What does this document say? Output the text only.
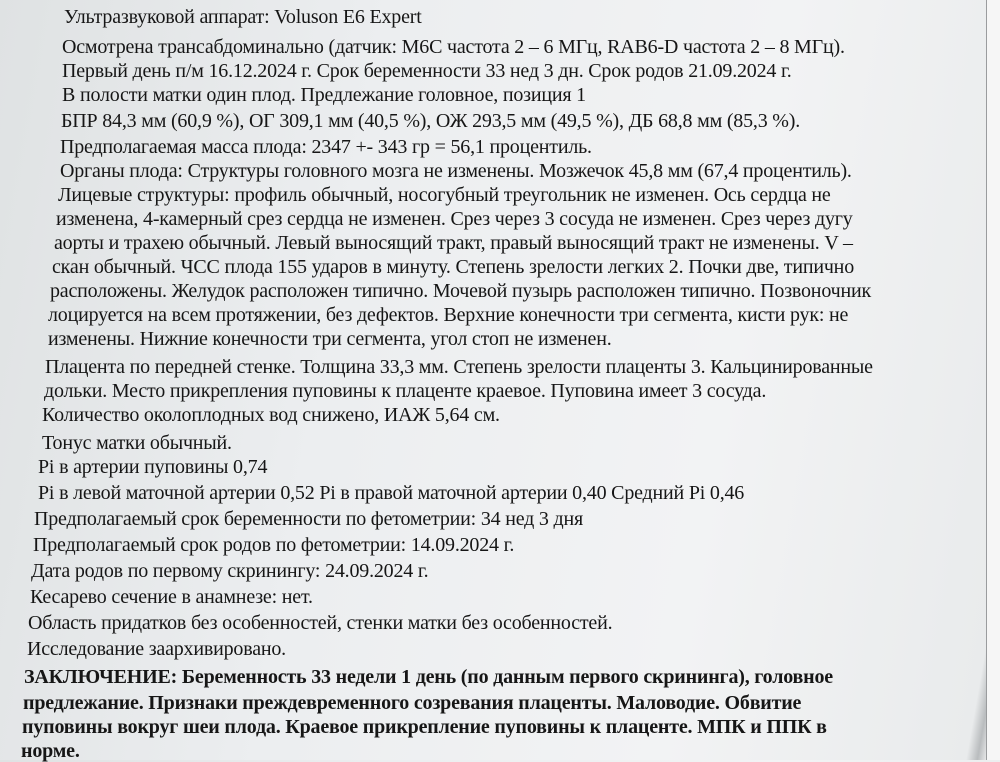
Ультразвуковой аппарат: Voluson E6 Expert
Осмотрена трансабдоминально (датчик: M6C частота 2 – 6 МГц, RAB6-D частота 2 – 8 МГц).
Первый день п/м 16.12.2024 г. Срок беременности 33 нед 3 дн. Срок родов 21.09.2024 г.
В полости матки один плод. Предлежание головное, позиция 1
БПР 84,3 мм (60,9 %), ОГ 309,1 мм (40,5 %), ОЖ 293,5 мм (49,5 %), ДБ 68,8 мм (85,3 %).
Предполагаемая масса плода: 2347 +- 343 гр = 56,1 процентиль.
Органы плода: Структуры головного мозга не изменены. Мозжечок 45,8 мм (67,4 процентиль).
Лицевые структуры: профиль обычный, носогубный треугольник не изменен. Ось сердца не
изменена, 4-камерный срез сердца не изменен. Срез через 3 сосуда не изменен. Срез через дугу
аорты и трахею обычный. Левый выносящий тракт, правый выносящий тракт не изменены. V –
скан обычный. ЧСС плода 155 ударов в минуту. Степень зрелости легких 2. Почки две, типично
расположены. Желудок расположен типично. Мочевой пузырь расположен типично. Позвоночник
лоцируется на всем протяжении, без дефектов. Верхние конечности три сегмента, кисти рук: не
изменены. Нижние конечности три сегмента, угол стоп не изменен.
Плацента по передней стенке. Толщина 33,3 мм. Степень зрелости плаценты 3. Кальцинированные
дольки. Место прикрепления пуповины к плаценте краевое. Пуповина имеет 3 сосуда.
Количество околоплодных вод снижено, ИАЖ 5,64 см.
Тонус матки обычный.
Pi в артерии пуповины 0,74
Pi в левой маточной артерии 0,52 Pi в правой маточной артерии 0,40 Средний Pi 0,46
Предполагаемый срок беременности по фетометрии: 34 нед 3 дня
Предполагаемый срок родов по фетометрии: 14.09.2024 г.
Дата родов по первому скринингу: 24.09.2024 г.
Кесарево сечение в анамнезе: нет.
Область придатков без особенностей, стенки матки без особенностей.
Исследование заархивировано.
ЗАКЛЮЧЕНИЕ: Беременность 33 недели 1 день (по данным первого скрининга), головное
предлежание. Признаки преждевременного созревания плаценты. Маловодие. Обвитие
пуповины вокруг шеи плода. Краевое прикрепление пуповины к плаценте. МПК и ППК в
норме.
